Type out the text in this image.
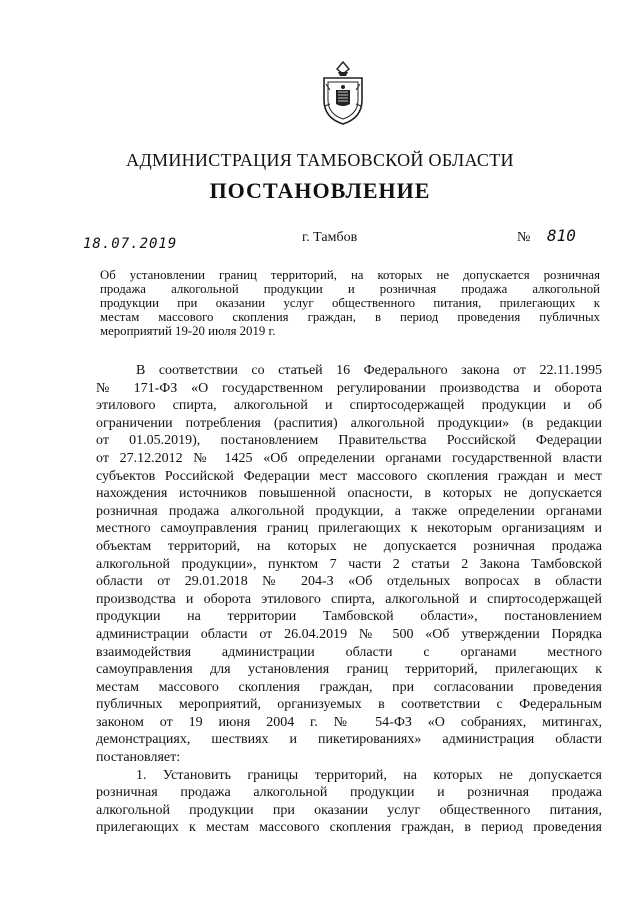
АДМИНИСТРАЦИЯ ТАМБОВСКОЙ ОБЛАСТИ
ПОСТАНОВЛЕНИЕ
18.07.2019	г. Тамбов	№ 810
Об установлении границ территорий, на которых не допускается розничная
продажа алкогольной продукции и розничная продажа алкогольной
продукции при оказании услуг общественного питания, прилегающих к
местам массового скопления граждан, в период проведения публичных
мероприятий 19-20 июля 2019 г.
В соответствии со статьей 16 Федерального закона от 22.11.1995
№ 171-ФЗ «О государственном регулировании производства и оборота
этилового спирта, алкогольной и спиртосодержащей продукции и об
ограничении потребления (распития) алкогольной продукции» (в редакции
от 01.05.2019), постановлением Правительства Российской Федерации
от 27.12.2012 № 1425 «Об определении органами государственной власти
субъектов Российской Федерации мест массового скопления граждан и мест
нахождения источников повышенной опасности, в которых не допускается
розничная продажа алкогольной продукции, а также определении органами
местного самоуправления границ прилегающих к некоторым организациям и
объектам территорий, на которых не допускается розничная продажа
алкогольной продукции», пунктом 7 части 2 статьи 2 Закона Тамбовской
области от 29.01.2018 № 204-З «Об отдельных вопросах в области
производства и оборота этилового спирта, алкогольной и спиртосодержащей
продукции на территории Тамбовской области», постановлением
администрации области от 26.04.2019 № 500 «Об утверждении Порядка
взаимодействия администрации области с органами местного
самоуправления для установления границ территорий, прилегающих к
местам массового скопления граждан, при согласовании проведения
публичных мероприятий, организуемых в соответствии с Федеральным
законом от 19 июня 2004 г. № 54-ФЗ «О собраниях, митингах,
демонстрациях, шествиях и пикетированиях» администрация области
постановляет:
1. Установить границы территорий, на которых не допускается
розничная продажа алкогольной продукции и розничная продажа
алкогольной продукции при оказании услуг общественного питания,
прилегающих к местам массового скопления граждан, в период проведения
